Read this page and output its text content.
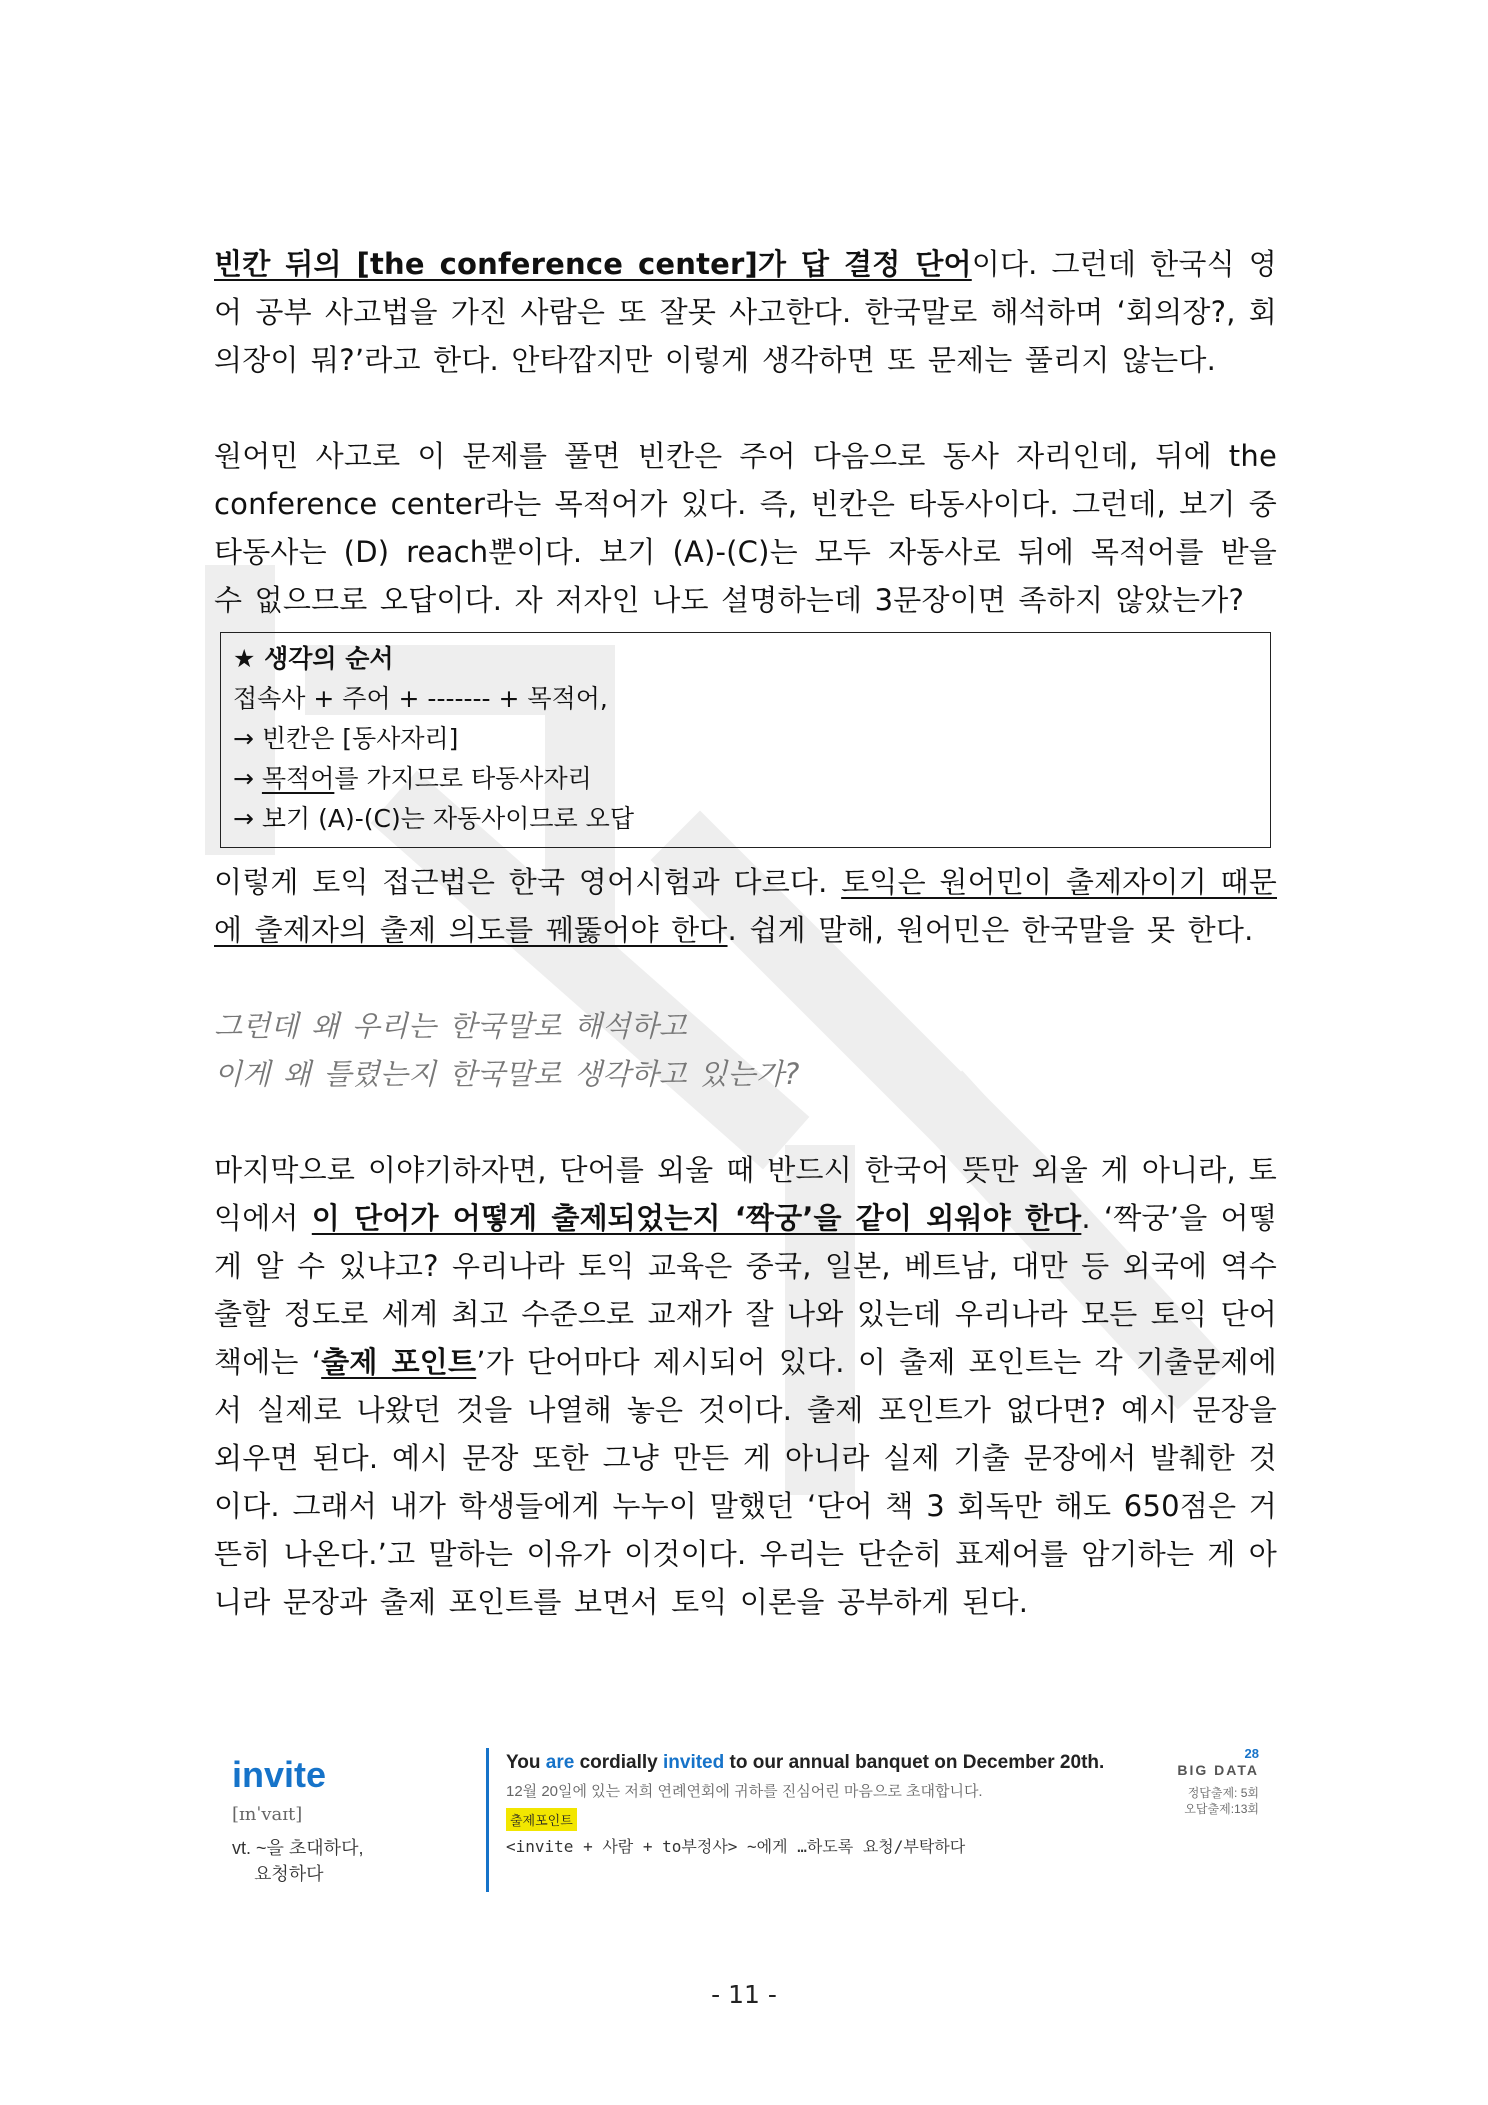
빈칸 뒤의 [the conference center]가 답 결정 단어이다. 그런데 한국식 영어 공부 사고법을 가진 사람은 또 잘못 사고한다. 한국말로 해석하며 ‘회의장?, 회의장이 뭐?’라고 한다. 안타깝지만 이렇게 생각하면 또 문제는 풀리지 않는다.

원어민 사고로 이 문제를 풀면 빈칸은 주어 다음으로 동사 자리인데, 뒤에 the conference center라는 목적어가 있다. 즉, 빈칸은 타동사이다. 그런데, 보기 중 타동사는 (D) reach뿐이다. 보기 (A)-(C)는 모두 자동사로 뒤에 목적어를 받을 수 없으므로 오답이다. 자 저자인 나도 설명하는데 3문장이면 족하지 않았는가?

★ 생각의 순서
접속사 + 주어 + ------- + 목적어,
→ 빈칸은 [동사자리]
→ 목적어를 가지므로 타동사자리
→ 보기 (A)-(C)는 자동사이므로 오답

이렇게 토익 접근법은 한국 영어시험과 다르다. 토익은 원어민이 출제자이기 때문에 출제자의 출제 의도를 꿰뚫어야 한다. 쉽게 말해, 원어민은 한국말을 못 한다.

그런데 왜 우리는 한국말로 해석하고

이게 왜 틀렸는지 한국말로 생각하고 있는가?

마지막으로 이야기하자면, 단어를 외울 때 반드시 한국어 뜻만 외울 게 아니라, 토익에서 이 단어가 어떻게 출제되었는지 ‘짝궁’을 같이 외워야 한다. ‘짝궁’을 어떻게 알 수 있냐고? 우리나라 토익 교육은 중국, 일본, 베트남, 대만 등 외국에 역수출할 정도로 세계 최고 수준으로 교재가 잘 나와 있는데 우리나라 모든 토익 단어 책에는 ‘출제 포인트’가 단어마다 제시되어 있다. 이 출제 포인트는 각 기출문제에서 실제로 나왔던 것을 나열해 놓은 것이다. 출제 포인트가 없다면? 예시 문장을 외우면 된다. 예시 문장 또한 그냥 만든 게 아니라 실제 기출 문장에서 발췌한 것이다. 그래서 내가 학생들에게 누누이 말했던 ‘단어 책 3 회독만 해도 650점은 거뜬히 나온다.’고 말하는 이유가 이것이다. 우리는 단순히 표제어를 암기하는 게 아니라 문장과 출제 포인트를 보면서 토익 이론을 공부하게 된다.

invite
[ɪnˈvaɪt]
vt. ~을 초대하다,
요청하다
You are cordially invited to our annual banquet on December 20th.
12월 20일에 있는 저희 연례연회에 귀하를 진심어린 마음으로 초대합니다.
출제포인트
<invite + 사람 + to부정사> ~에게 …하도록 요청/부탁하다
28
BIG DATA
정답출제: 5회
오답출제:13회
- 11 -
